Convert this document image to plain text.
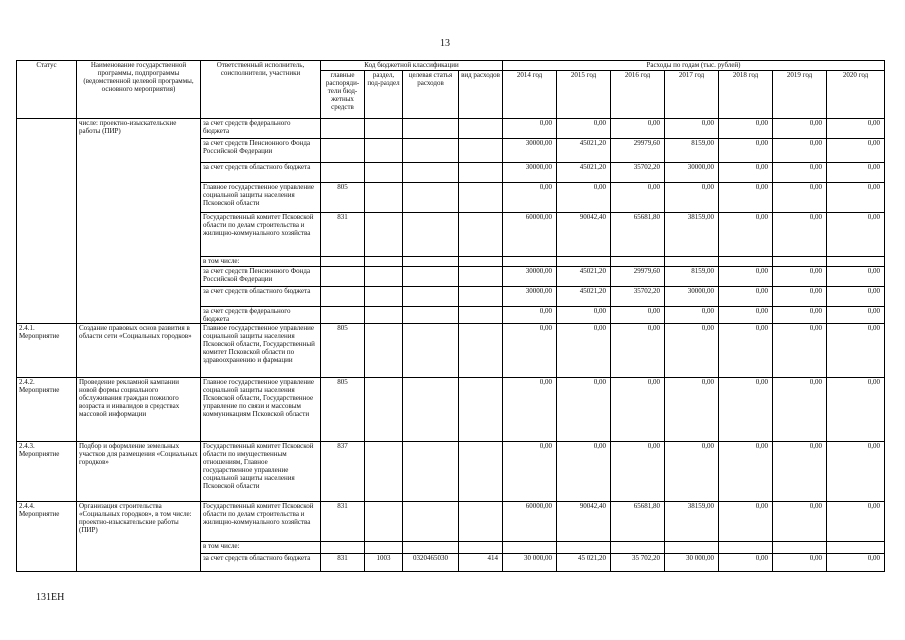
13
Статус	Наименование государственной программы, подпрограммы (ведомственной целевой программы, основного мероприятия)	Ответственный исполнитель, соисполнители, участники	Код бюджетной классификации				Расходы по годам (тыс. рублей)						
			главные распоряди-тели бюд-жетных средств	раздел, под-раздел	целевая статья расходов	вид расходов	2014 год	2015 год	2016 год	2017 год	2018 год	2019 год	2020 год
	числе: проектно-изыскательские работы (ПИР)	за счет средств федерального бюджета					0,00	0,00	0,00	0,00	0,00	0,00	0,00
		за счет средств Пенсионного Фонда Российской Федерации					30000,00	45021,20	29979,60	8159,00	0,00	0,00	0,00
		за счет средств областного бюджета					30000,00	45021,20	35702,20	30000,00	0,00	0,00	0,00
		Главное государственное управление социальной защиты населения Псковской области	805				0,00	0,00	0,00	0,00	0,00	0,00	0,00
		Государственный комитет Псковской области по делам строительства и жилищно-коммунального хозяйства	831				60000,00	90042,40	65681,80	38159,00	0,00	0,00	0,00
		в том числе:											
		за счет средств Пенсионного Фонда Российской Федерации					30000,00	45021,20	29979,60	8159,00	0,00	0,00	0,00
		за счет средств областного бюджета					30000,00	45021,20	35702,20	30000,00	0,00	0,00	0,00
		за счет средств федерального бюджета					0,00	0,00	0,00	0,00	0,00	0,00	0,00
2.4.1. Мероприятие	Создание правовых основ развития в области сети «Социальных городков»	Главное государственное управление социальной защиты населения Псковской области, Государственный комитет Псковской области по здравоохранению и фармации	805				0,00	0,00	0,00	0,00	0,00	0,00	0,00
2.4.2. Мероприятие	Проведение рекламной кампании новой формы социального обслуживания граждан пожилого возраста и инвалидов в средствах массовой информации	Главное государственное управление социальной защиты населения Псковской области, Государственное управление по связи и массовым коммуникациям Псковской области	805				0,00	0,00	0,00	0,00	0,00	0,00	0,00
2.4.3. Мероприятие	Подбор и оформление земельных участков для размещения «Социальных городков»	Государственный комитет Псковской области по имущественным отношениям, Главное государственное управление социальной защиты населения Псковской области	837				0,00	0,00	0,00	0,00	0,00	0,00	0,00
2.4.4. Мероприятие	Организация строительства «Социальных городков», в том числе: проектно-изыскательские работы (ПИР)	Государственный комитет Псковской области по делам строительства и жилищно-коммунального хозяйства	831				60000,00	90042,40	65681,80	38159,00	0,00	0,00	0,00
		в том числе:											
		за счет средств областного бюджета	831	1003	0320465030	414	30 000,00	45 021,20	35 702,20	30 000,00	0,00	0,00	0,00
131ЕН
